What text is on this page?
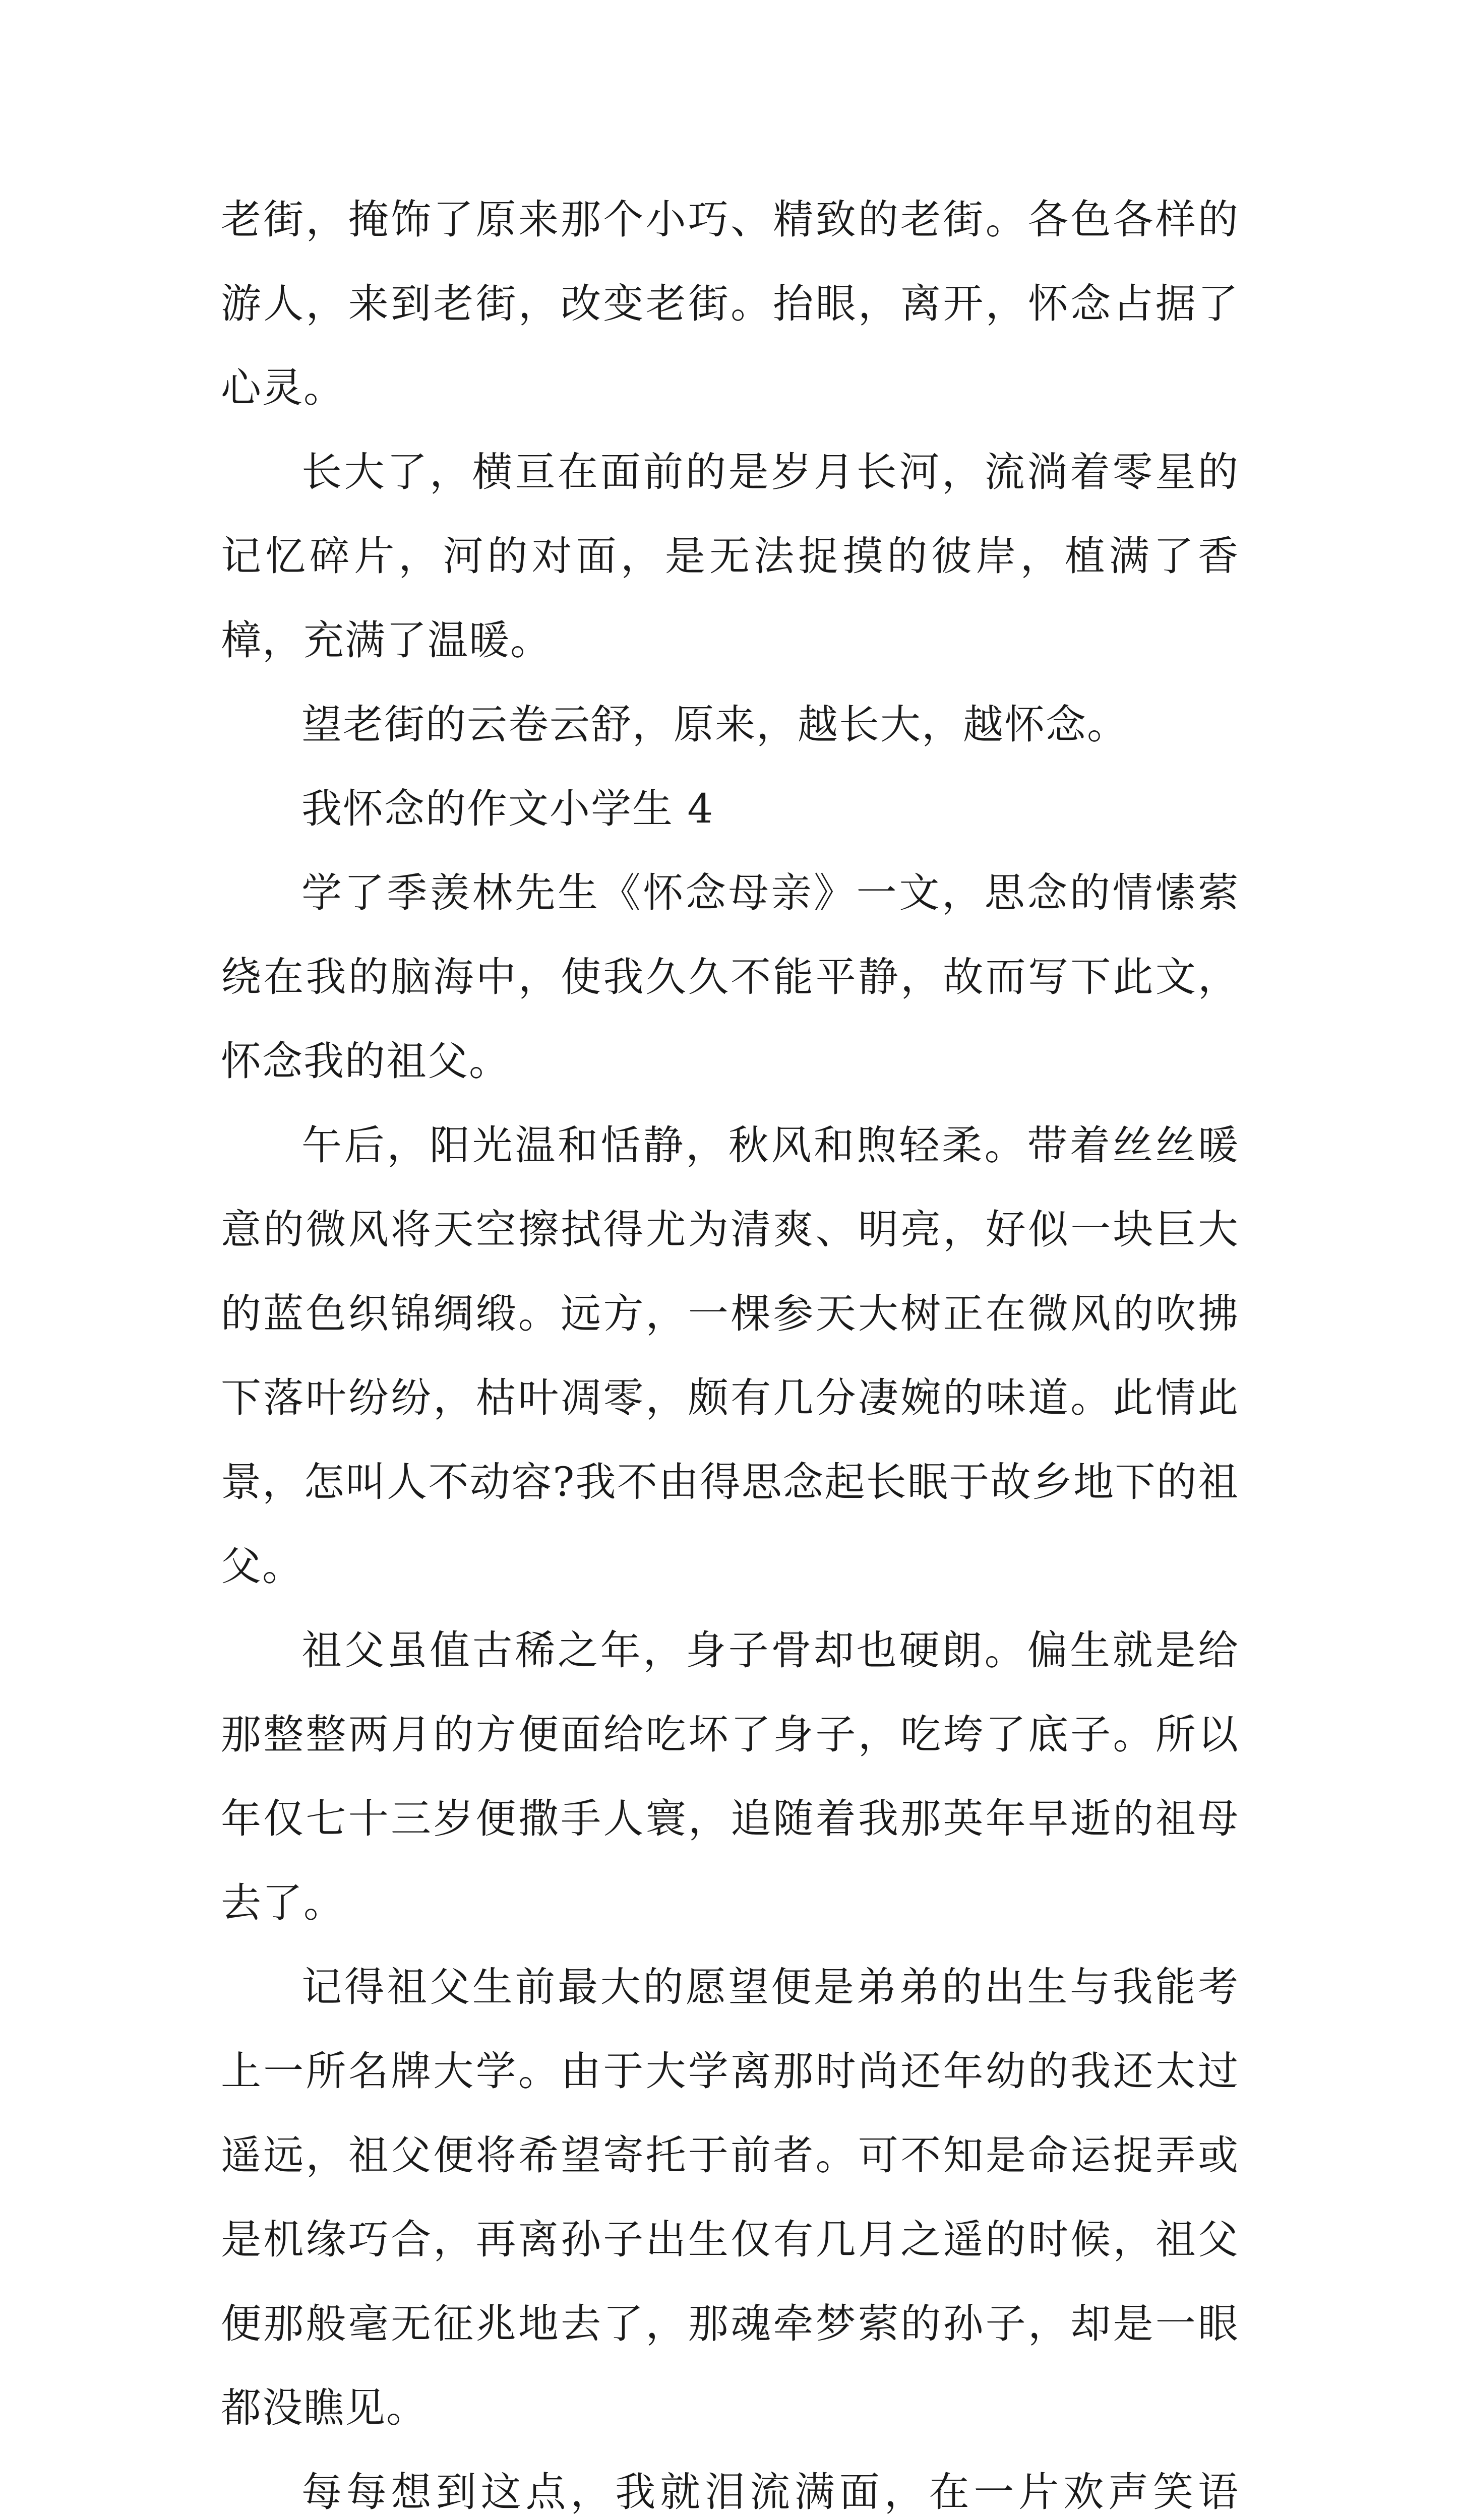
老街，掩饰了原来那个小巧、精致的老街。各色各样的游人，来到老街，改变老街。抬眼，离开，怀念占据了心灵。

长大了，横亘在面前的是岁月长河，流淌着零星的记忆碎片，河的对面，是无法捉摸的彼岸，植满了香樟，充满了温暖。

望老街的云卷云舒，原来，越长大，越怀念。

我怀念的作文小学生 4

学了季羡林先生《怀念母亲》一文，思念的情愫萦绕在我的脑海中，使我久久不能平静，故而写下此文，怀念我的祖父。

午后，阳光温和恬静，秋风和煦轻柔。带着丝丝暖意的微风将天空擦拭得尤为清爽、明亮，好似一块巨大的蓝色织锦绸缎。远方，一棵参天大树正在微风的吹拂下落叶纷纷，枯叶凋零，颇有几分凄婉的味道。此情此景，怎叫人不动容?我不由得思念起长眠于故乡地下的祖父。

祖父虽值古稀之年，身子骨却也硬朗。偏生就是给那整整两月的方便面给吃坏了身子，吃垮了底子。所以年仅七十三岁便撒手人寰，追随着我那英年早逝的祖母去了。

记得祖父生前最大的愿望便是弟弟的出生与我能考上一所名牌大学。由于大学离那时尚还年幼的我还太过遥远，祖父便将希望寄托于前者。可不知是命运捉弄或是机缘巧合，再离孙子出生仅有几月之遥的时候，祖父便那般毫无征兆地去了，那魂牵梦萦的孙子，却是一眼都没瞧见。

每每想到这点，我就泪流满面，在一片欢声笑语
